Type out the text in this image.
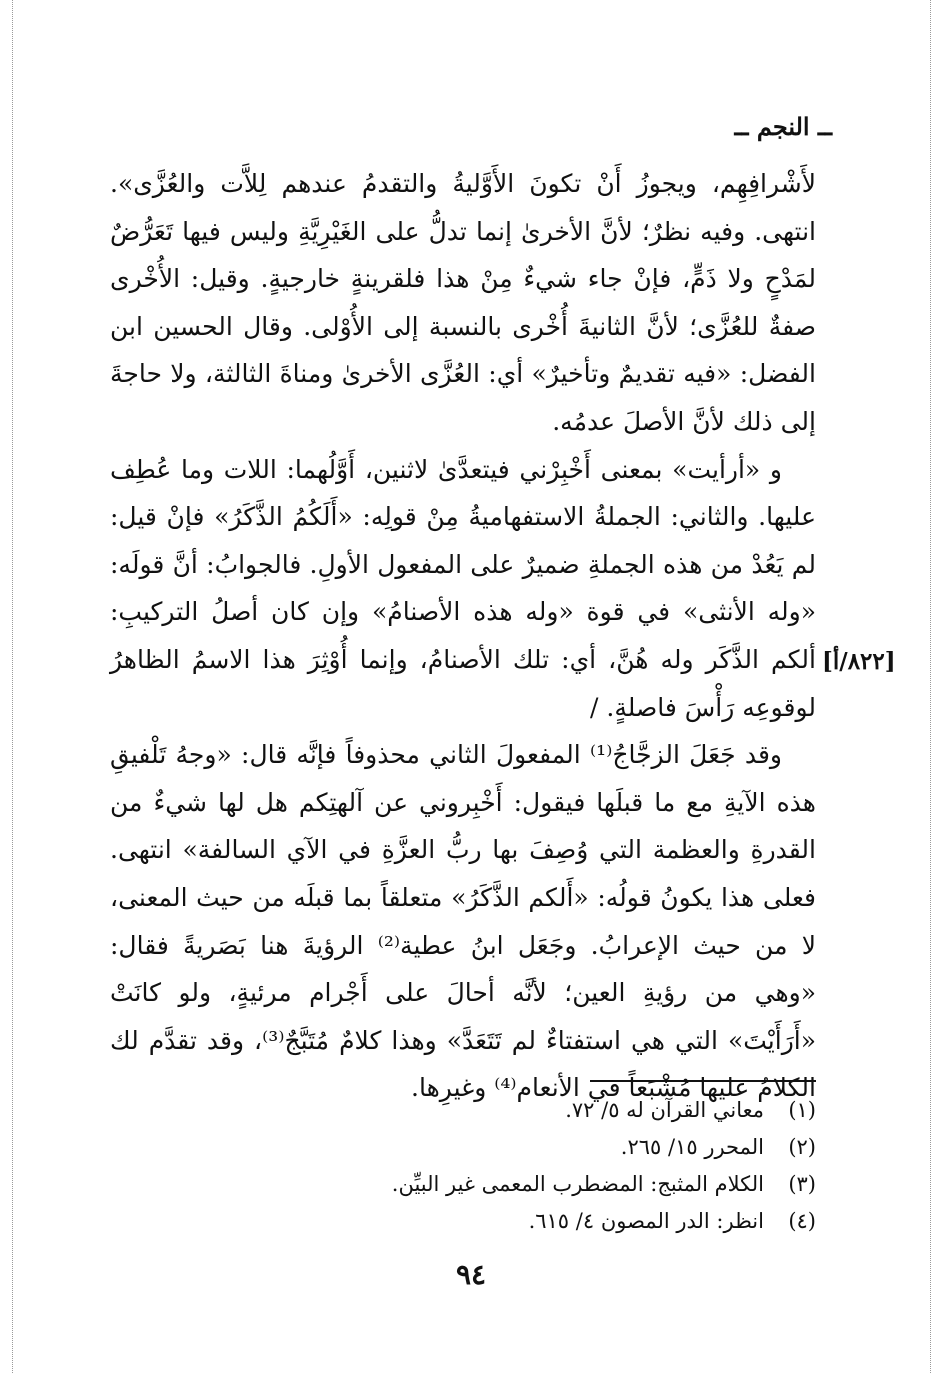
ــ النجم ــ
[٨٢٢/أ]

لأَشْرافِهِم، ويجوزُ أَنْ تكونَ الأَوَّليةُ والتقدمُ عندهم لِلاَّت والعُزَّى». انتهى. وفيه نظرٌ؛ لأنَّ الأخرىٰ إنما تدلُّ على الغَيْرِيَّةِ وليس فيها تَعَرُّضٌ لمَدْحٍ ولا ذَمٍّ، فإنْ جاء شيءٌ مِنْ هذا فلقرينةٍ خارجيةٍ. وقيل: الأُخْرى صفةٌ للعُزَّى؛ لأنَّ الثانيةَ أُخْرى بالنسبة إلى الأُوْلى. وقال الحسين ابن الفضل: «فيه تقديمٌ وتأخيرٌ» أي: العُزَّى الأخرىٰ ومناةَ الثالثة، ولا حاجةَ إلى ذلك لأنَّ الأصلَ عدمُه.

و «أرأيت» بمعنى أَخْبِرْني فيتعدَّىٰ لاثنين، أَوَّلُهما: اللات وما عُطِف عليها. والثاني: الجملةُ الاستفهاميةُ مِنْ قولِه: «أَلَكُمُ الذَّكَرُ» فإنْ قيل: لم يَعُدْ من هذه الجملةِ ضميرٌ على المفعول الأولِ. فالجوابُ: أنَّ قولَه: «وله الأنثى» في قوة «وله هذه الأصنامُ» وإن كان أصلُ التركيبِ: ألكم الذَّكَر وله هُنَّ، أي: تلك الأصنامُ، وإنما أُوْثِرَ هذا الاسمُ الظاهرُ لوقوعِه رَأْسَ فاصلةٍ. /

وقد جَعَلَ الزجَّاجُ⁽¹⁾ المفعولَ الثاني محذوفاً فإنَّه قال: «وجهُ تَلْفيقِ هذه الآيةِ مع ما قبلَها فيقول: أَخْبِروني عن آلهتِكم هل لها شيءٌ من القدرةِ والعظمة التي وُصِفَ بها ربُّ العزَّةِ في الآي السالفة» انتهى. فعلى هذا يكونُ قولُه: «أَلكم الذَّكَرُ» متعلقاً بما قبلَه من حيث المعنى، لا من حيث الإعرابُ. وجَعَل ابنُ عطية⁽²⁾ الرؤيةَ هنا بَصَريةً فقال: «وهي من رؤيةِ العين؛ لأنَّه أحالَ على أَجْرام مرئيةٍ، ولو كانَتْ «أَرَأَيْتَ» التي هي استفتاءٌ لم تَتَعَدَّ» وهذا كلامٌ مُتَبَّجٌ⁽³⁾، وقد تقدَّم لك الكلامُ عليها مُشْبَعاً في الأنعام⁽⁴⁾ وغيرِها.

(١)معاني القرآن له ٥/ ٧٢.

(٢)المحرر ١٥/ ٢٦٥.

(٣)الكلام المثبج: المضطرب المعمى غير البيِّن.

(٤)انظر: الدر المصون ٤/ ٦١٥.

٩٤
